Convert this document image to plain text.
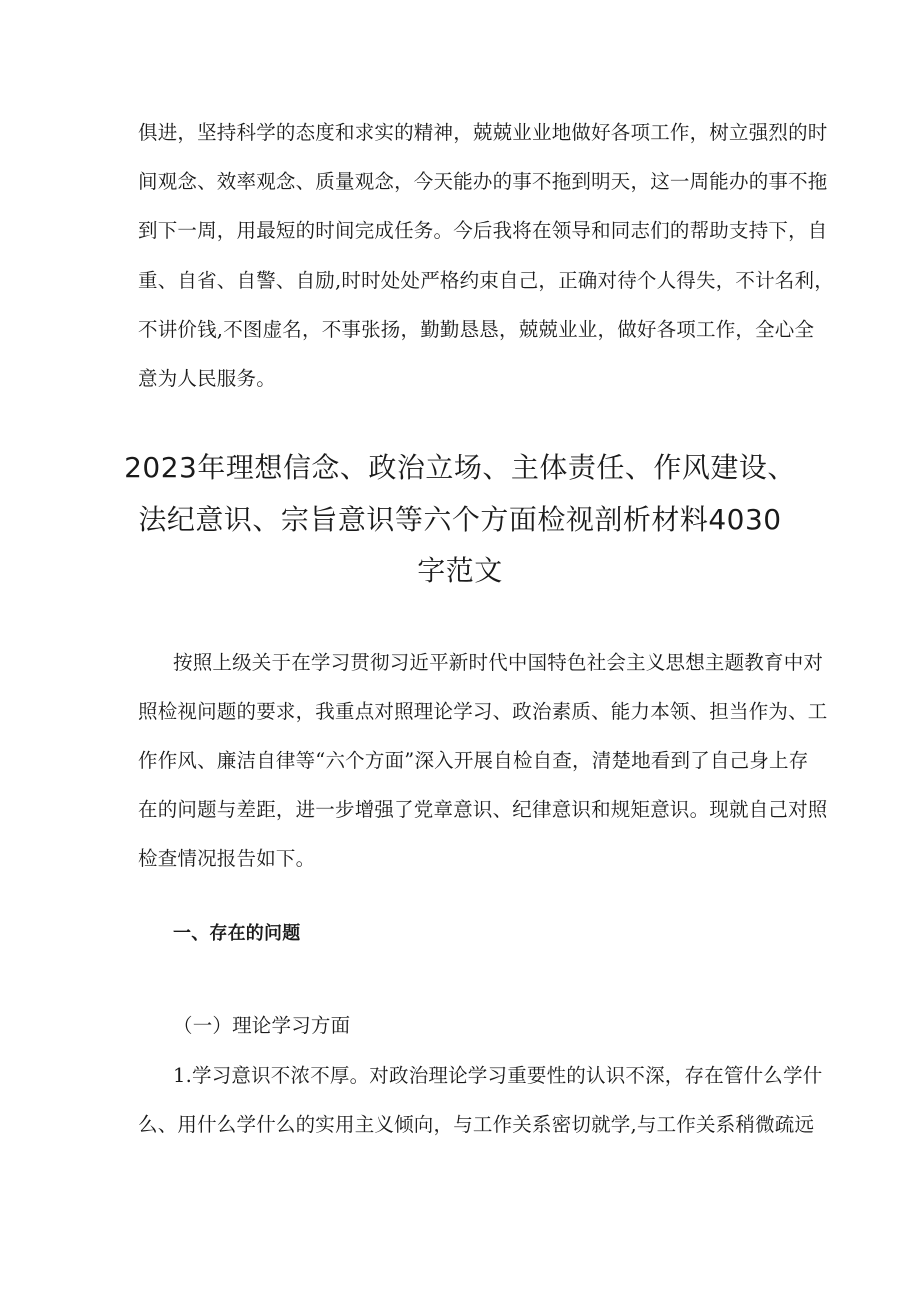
俱进，坚持科学的态度和求实的精神，兢兢业业地做好各项工作，树立强烈的时
间观念、效率观念、质量观念，今天能办的事不拖到明天，这一周能办的事不拖
到下一周，用最短的时间完成任务。今后我将在领导和同志们的帮助支持下，自
重、自省、自警、自励,时时处处严格约束自己，正确对待个人得失，不计名利，
不讲价钱,不图虚名，不事张扬，勤勤恳恳，兢兢业业，做好各项工作，全心全
意为人民服务。
2023年理想信念、政治立场、主体责任、作风建设、
法纪意识、宗旨意识等六个方面检视剖析材料4030
字范文
按照上级关于在学习贯彻习近平新时代中国特色社会主义思想主题教育中对
照检视问题的要求，我重点对照理论学习、政治素质、能力本领、担当作为、工
作作风、廉洁自律等“六个方面”深入开展自检自查，清楚地看到了自己身上存
在的问题与差距，进一步增强了党章意识、纪律意识和规矩意识。现就自己对照
检查情况报告如下。
一、存在的问题
（一）理论学习方面
1.学习意识不浓不厚。对政治理论学习重要性的认识不深，存在管什么学什
么、用什么学什么的实用主义倾向，与工作关系密切就学,与工作关系稍微疏远
